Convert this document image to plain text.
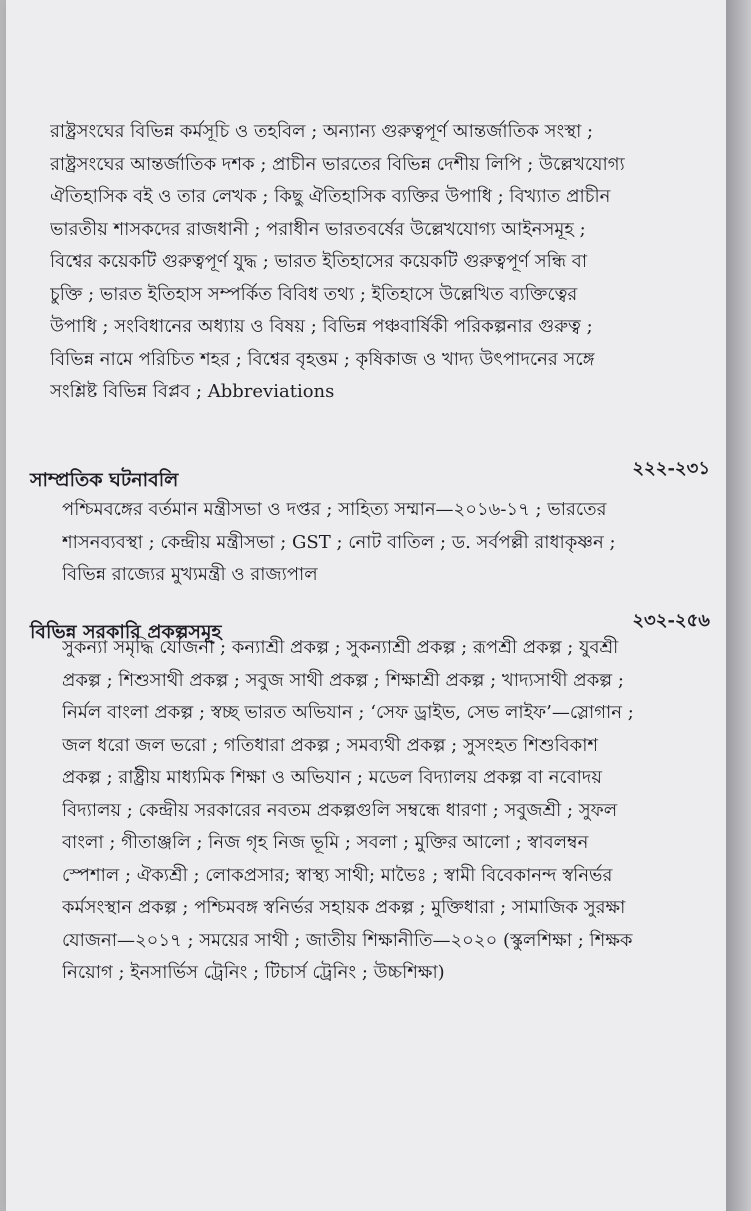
রাষ্ট্রসংঘের বিভিন্ন কর্মসূচি ও তহবিল ; অন্যান্য গুরুত্বপূর্ণ আন্তর্জাতিক সংস্থা ;
রাষ্ট্রসংঘের আন্তর্জাতিক দশক ; প্রাচীন ভারতের বিভিন্ন দেশীয় লিপি ; উল্লেখযোগ্য
ঐতিহাসিক বই ও তার লেখক ; কিছু ঐতিহাসিক ব্যক্তির উপাধি ; বিখ্যাত প্রাচীন
ভারতীয় শাসকদের রাজধানী ; পরাধীন ভারতবর্ষের উল্লেখযোগ্য আইনসমূহ ;
বিশ্বের কয়েকটি গুরুত্বপূর্ণ যুদ্ধ ; ভারত ইতিহাসের কয়েকটি গুরুত্বপূর্ণ সন্ধি বা
চুক্তি ; ভারত ইতিহাস সম্পর্কিত বিবিধ তথ্য ; ইতিহাসে উল্লেখিত ব্যক্তিত্বের
উপাধি ; সংবিধানের অধ্যায় ও বিষয় ; বিভিন্ন পঞ্চবার্ষিকী পরিকল্পনার গুরুত্ব ;
বিভিন্ন নামে পরিচিত শহর ; বিশ্বের বৃহত্তম ; কৃষিকাজ ও খাদ্য উৎপাদনের সঙ্গে
সংশ্লিষ্ট বিভিন্ন বিপ্লব ; Abbreviations
সাম্প্রতিক ঘটনাবলি
২২২-২৩১
পশ্চিমবঙ্গের বর্তমান মন্ত্রীসভা ও দপ্তর ; সাহিত্য সম্মান—২০১৬-১৭ ; ভারতের
শাসনব্যবস্থা ; কেন্দ্রীয় মন্ত্রীসভা ; GST ; নোট বাতিল ; ড. সর্বপল্লী রাধাকৃষ্ণন ;
বিভিন্ন রাজ্যের মুখ্যমন্ত্রী ও রাজ্যপাল
বিভিন্ন সরকারি প্রকল্পসমূহ
২৩২-২৫৬
সুকন্যা সমৃদ্ধি যোজনা ; কন্যাশ্রী প্রকল্প ; সুকন্যাশ্রী প্রকল্প ; রূপশ্রী প্রকল্প ; যুবশ্রী
প্রকল্প ; শিশুসাথী প্রকল্প ; সবুজ সাথী প্রকল্প ; শিক্ষাশ্রী প্রকল্প ; খাদ্যসাথী প্রকল্প ;
নির্মল বাংলা প্রকল্প ; স্বচ্ছ ভারত অভিযান ; ‘সেফ ড্রাইভ, সেভ লাইফ’—স্লোগান ;
জল ধরো জল ভরো ; গতিধারা প্রকল্প ; সমব্যথী প্রকল্প ; সুসংহত শিশুবিকাশ
প্রকল্প ; রাষ্ট্রীয় মাধ্যমিক শিক্ষা ও অভিযান ; মডেল বিদ্যালয় প্রকল্প বা নবোদয়
বিদ্যালয় ; কেন্দ্রীয় সরকারের নবতম প্রকল্পগুলি সম্বন্ধে ধারণা ; সবুজশ্রী ; সুফল
বাংলা ; গীতাঞ্জলি ; নিজ গৃহ নিজ ভূমি ; সবলা ; মুক্তির আলো ; স্বাবলম্বন
স্পেশাল ; ঐক্যশ্রী ; লোকপ্রসার; স্বাস্থ্য সাথী; মাভৈঃ ; স্বামী বিবেকানন্দ স্বনির্ভর
কর্মসংস্থান প্রকল্প ; পশ্চিমবঙ্গ স্বনির্ভর সহায়ক প্রকল্প ; মুক্তিধারা ; সামাজিক সুরক্ষা
যোজনা—২০১৭ ; সময়ের সাথী ; জাতীয় শিক্ষানীতি—২০২০ (স্কুলশিক্ষা ; শিক্ষক
নিয়োগ ; ইনসার্ভিস ট্রেনিং ; টিচার্স ট্রেনিং ; উচ্চশিক্ষা)
